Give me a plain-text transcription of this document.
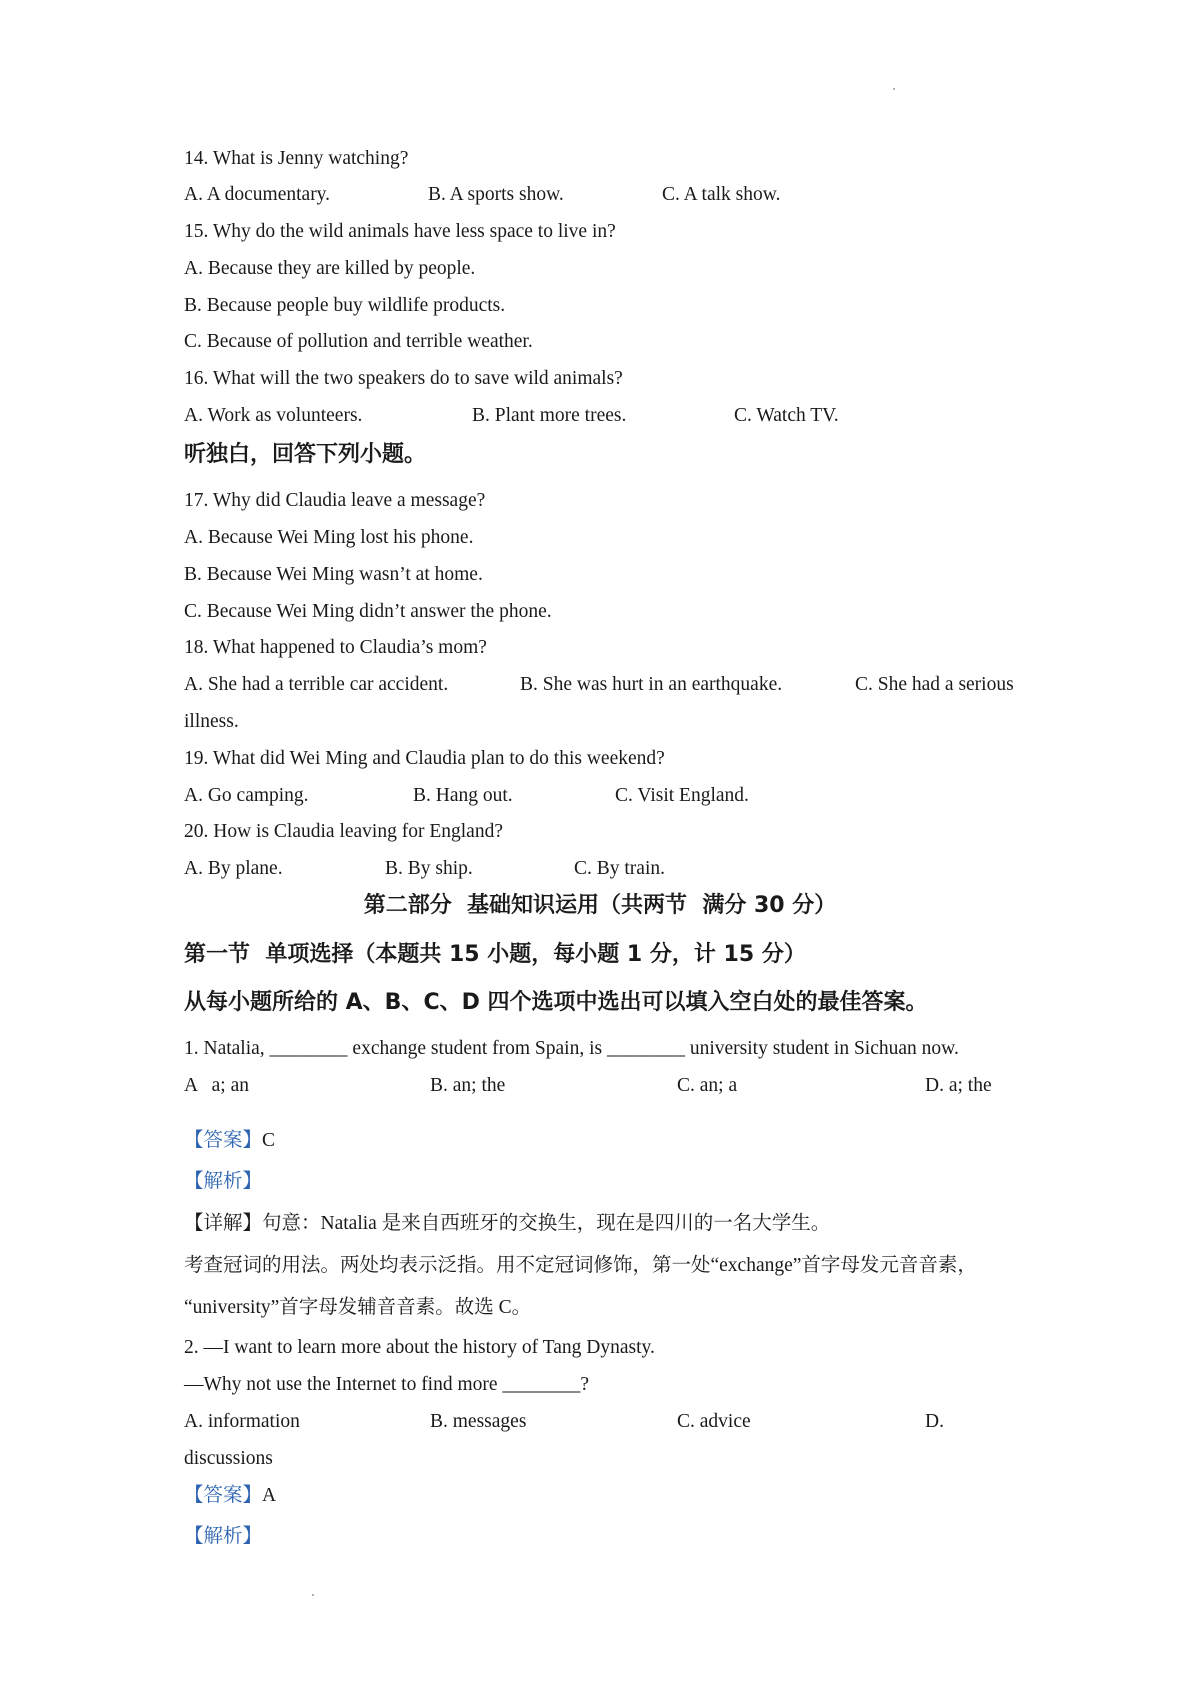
14. What is Jenny watching?
A. A documentary.	B. A sports show.	C. A talk show.
15. Why do the wild animals have less space to live in?
A. Because they are killed by people.
B. Because people buy wildlife products.
C. Because of pollution and terrible weather.
16. What will the two speakers do to save wild animals?
A. Work as volunteers.	B. Plant more trees.	C. Watch TV.
听独白，回答下列小题。
17. Why did Claudia leave a message?
A. Because Wei Ming lost his phone.
B. Because Wei Ming wasn’t at home.
C. Because Wei Ming didn’t answer the phone.
18. What happened to Claudia’s mom?
A. She had a terrible car accident.	B. She was hurt in an earthquake.	C. She had a serious
illness.
19. What did Wei Ming and Claudia plan to do this weekend?
A. Go camping.	B. Hang out.	C. Visit England.
20. How is Claudia leaving for England?
A. By plane.	B. By ship.	C. By train.
第二部分  基础知识运用（共两节  满分 30 分）
第一节  单项选择（本题共 15 小题，每小题 1 分，计 15 分）
从每小题所给的 A、B、C、D 四个选项中选出可以填入空白处的最佳答案。
1. Natalia, ________ exchange student from Spain, is ________ university student in Sichuan now.
A   a; an	B. an; the	C. an; a	D. a; the
【答案】C
【解析】
【详解】句意：Natalia 是来自西班牙的交换生，现在是四川的一名大学生。
考查冠词的用法。两处均表示泛指。用不定冠词修饰，第一处“exchange”首字母发元音音素，
“university”首字母发辅音音素。故选 C。
2. —I want to learn more about the history of Tang Dynasty.
—Why not use the Internet to find more ________?
A. information	B. messages	C. advice	D.
discussions
【答案】A
【解析】
